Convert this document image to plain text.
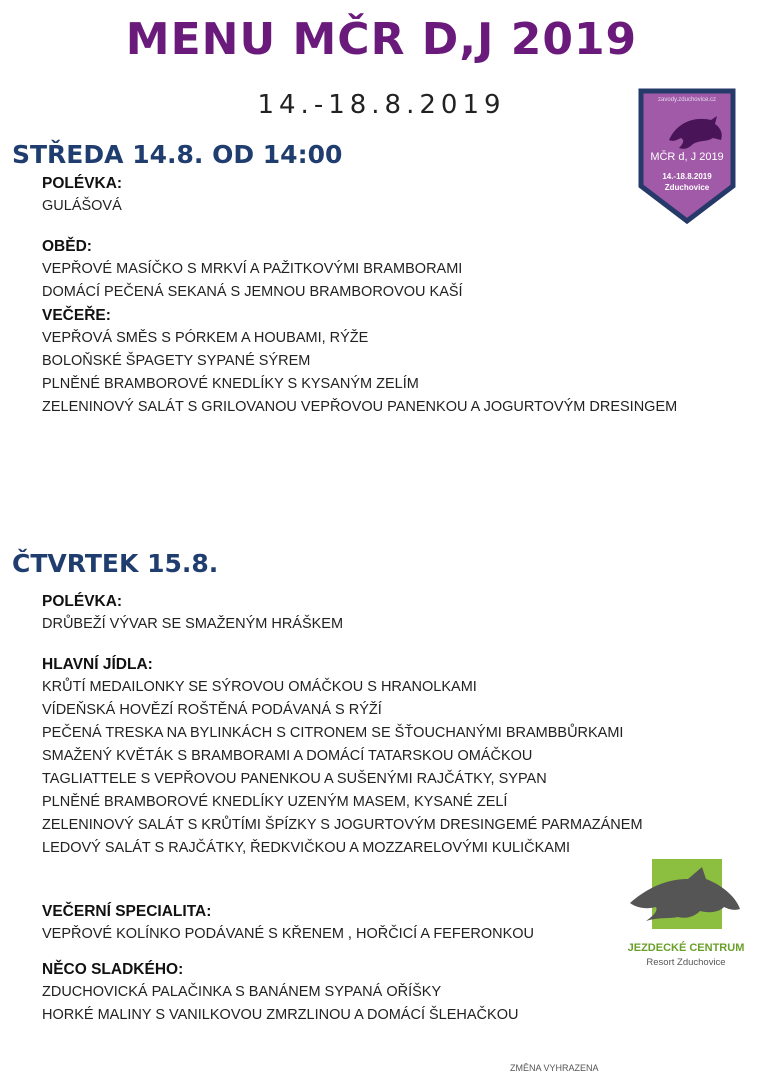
MENU MČR D,J 2019
14.-18.8.2019	zavody.zduchovice.cz
MČR d, J 2019
14.-18.8.2019
Zduchovice
STŘEDA 14.8. OD 14:00
POLÉVKA:
GULÁŠOVÁ
OBĚD:
VEPŘOVÉ MASÍČKO S MRKVÍ A PAŽITKOVÝMI BRAMBORAMI
DOMÁCÍ PEČENÁ SEKANÁ S JEMNOU BRAMBOROVOU KAŠÍ
VEČEŘE:
VEPŘOVÁ SMĚS S PÓRKEM A HOUBAMI, RÝŽE
BOLOŇSKÉ ŠPAGETY SYPANÉ SÝREM
PLNĚNÉ BRAMBOROVÉ KNEDLÍKY S KYSANÝM ZELÍM
ZELENINOVÝ SALÁT S GRILOVANOU VEPŘOVOU PANENKOU A JOGURTOVÝM DRESINGEM
ČTVRTEK 15.8.
POLÉVKA:
DRŮBEŽÍ VÝVAR SE SMAŽENÝM HRÁŠKEM
HLAVNÍ JÍDLA:
KRŮTÍ MEDAILONKY SE SÝROVOU OMÁČKOU S HRANOLKAMI
VÍDEŇSKÁ HOVĚZÍ ROŠTĚNÁ PODÁVANÁ S RÝŽÍ
PEČENÁ TRESKA NA BYLINKÁCH S CITRONEM SE ŠŤOUCHANÝMI BRAMBBŮRKAMI
SMAŽENÝ KVĚTÁK S BRAMBORAMI A DOMÁCÍ TATARSKOU OMÁČKOU
TAGLIATTELE S VEPŘOVOU PANENKOU A SUŠENÝMI RAJČÁTKY, SYPAN
PLNĚNÉ BRAMBOROVÉ KNEDLÍKY UZENÝM MASEM, KYSANÉ ZELÍ
ZELENINOVÝ SALÁT S KRŮTÍMI ŠPÍZKY S JOGURTOVÝM DRESINGEMÉ PARMAZÁNEM
LEDOVÝ SALÁT S RAJČÁTKY, ŘEDKVIČKOU A MOZZARELOVÝMI KULIČKAMI
VEČERNÍ SPECIALITA:
VEPŘOVÉ KOLÍNKO PODÁVANÉ S KŘENEM , HOŘČICÍ A FEFERONKOU
NĚCO SLADKÉHO:
ZDUCHOVICKÁ PALAČINKA S BANÁNEM SYPANÁ OŘÍŠKY
HORKÉ MALINY S VANILKOVOU ZMRZLINOU A DOMÁCÍ ŠLEHAČKOU
JEZDECKÉ CENTRUM
Resort Zduchovice
ZMĚNA VYHRAZENA
